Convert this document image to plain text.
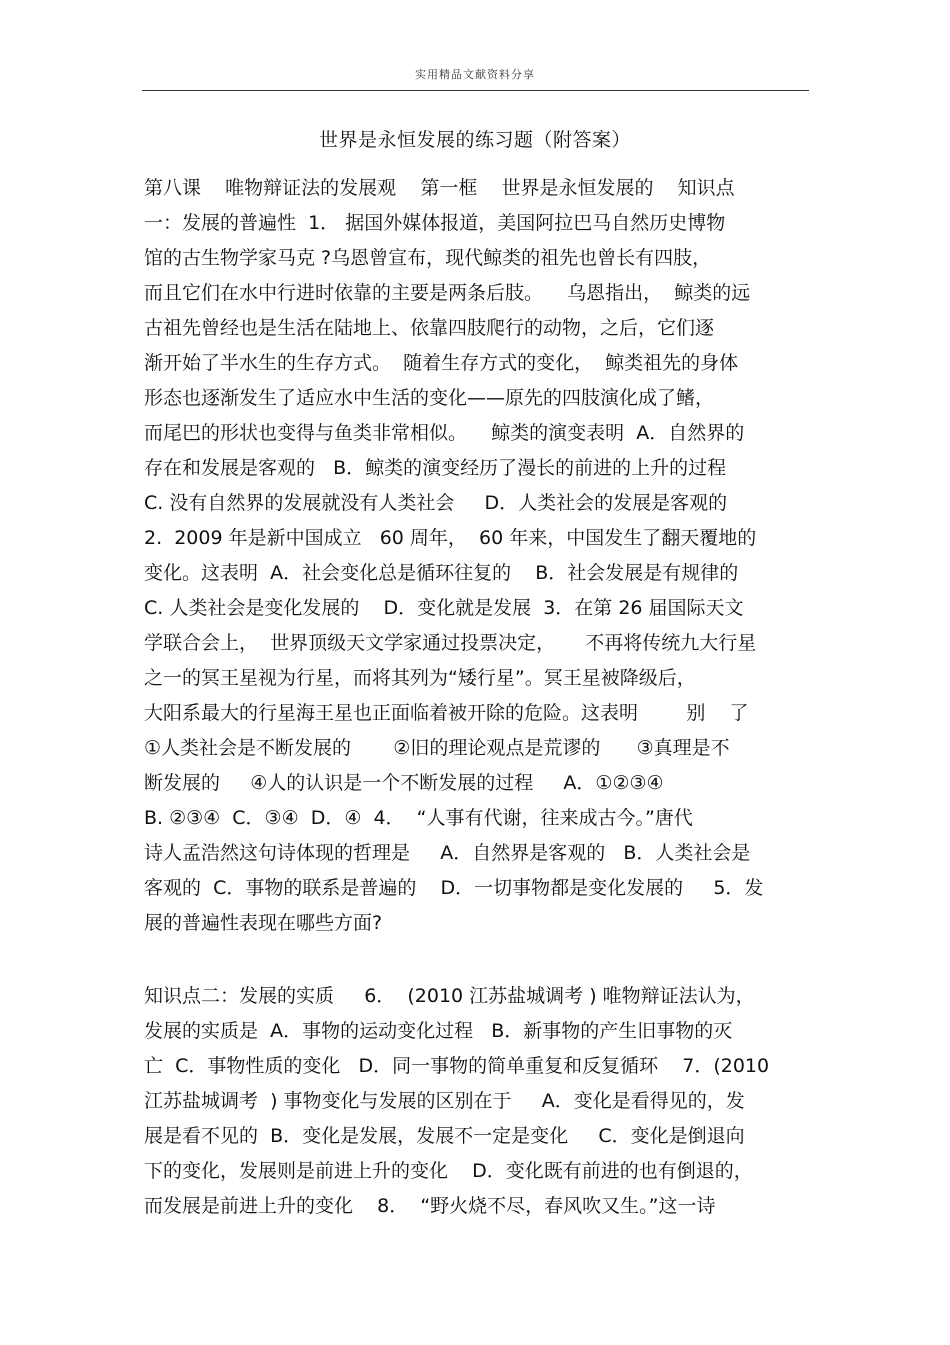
实用精品文献资料分享
世界是永恒发展的练习题（附答案）
第八课    唯物辩证法的发展观    第一框    世界是永恒发展的    知识点
一：发展的普遍性  1． 据国外媒体报道，美国阿拉巴马自然历史博物
馆的古生物学家马克 ?乌恩曾宣布，现代鲸类的祖先也曾长有四肢，
而且它们在水中行进时依靠的主要是两条后肢。    乌恩指出，  鲸类的远
古祖先曾经也是生活在陆地上、依靠四肢爬行的动物，之后，它们逐
渐开始了半水生的生存方式。  随着生存方式的变化，  鲸类祖先的身体
形态也逐渐发生了适应水中生活的变化——原先的四肢演化成了鳍，
而尾巴的形状也变得与鱼类非常相似。    鲸类的演变表明  A．自然界的
存在和发展是客观的   B．鲸类的演变经历了漫长的前进的上升的过程
C. 没有自然界的发展就没有人类社会     D．人类社会的发展是客观的
2.  2009 年是新中国成立   60 周年，  60 年来，中国发生了翻天覆地的
变化。这表明  A．社会变化总是循环往复的    B．社会发展是有规律的
C. 人类社会是变化发展的    D．变化就是发展  3．在第 26 届国际天文
学联合会上，  世界顶级天文学家通过投票决定，     不再将传统九大行星
之一的冥王星视为行星，而将其列为“矮行星”。冥王星被降级后，
大阳系最大的行星海王星也正面临着被开除的危险。这表明        别    了
①人类社会是不断发展的       ②旧的理论观点是荒谬的      ③真理是不
断发展的     ④人的认识是一个不断发展的过程     A．①②③④
B. ②③④  C．③④  D．④  4．  “人事有代谢，往来成古今。”唐代
诗人孟浩然这句诗体现的哲理是     A．自然界是客观的   B．人类社会是
客观的  C．事物的联系是普遍的    D．一切事物都是变化发展的     5．发
展的普遍性表现在哪些方面?
知识点二：发展的实质     6．  (2010 江苏盐城调考 ) 唯物辩证法认为，
发展的实质是  A．事物的运动变化过程   B．新事物的产生旧事物的灭
亡  C．事物性质的变化   D．同一事物的简单重复和反复循环    7．(2010
江苏盐城调考  ) 事物变化与发展的区别在于     A．变化是看得见的，发
展是看不见的  B．变化是发展，发展不一定是变化     C．变化是倒退向
下的变化，发展则是前进上升的变化    D．变化既有前进的也有倒退的，
而发展是前进上升的变化    8．  “野火烧不尽，春风吹又生。”这一诗
